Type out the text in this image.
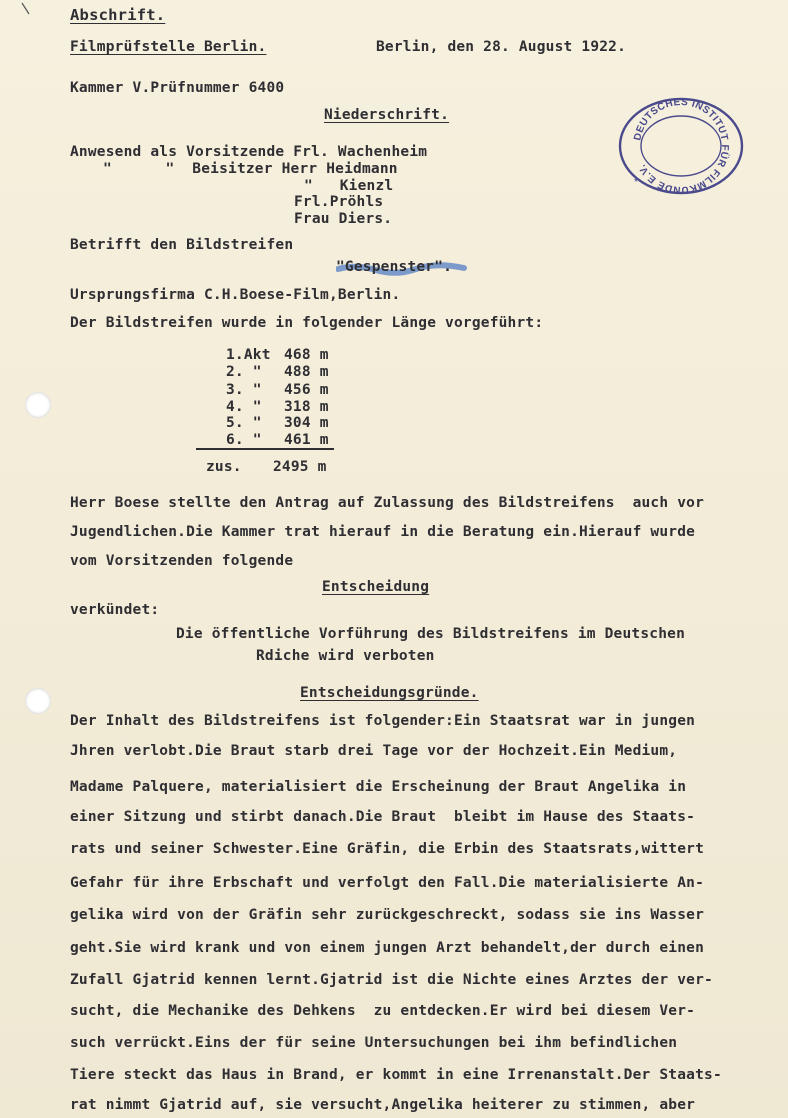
Abschrift.
Filmprüfstelle Berlin.	Berlin, den 28. August 1922.
Kammer V.Prüfnummer 6400
Niederschrift.
DEUTSCHES INSTITUT FÜR FILMKUNDE E.V.
*
Anwesend als Vorsitzende Frl. Wachenheim
"      "  Beisitzer Herr Heidmann
"   Kienzl
Frl.Pröhls
Frau Diers.
Betrifft den Bildstreifen
"Gespenster".
Ursprungsfirma C.H.Boese-Film,Berlin.
Der Bildstreifen wurde in folgender Länge vorgeführt:
1.Akt 468 m
2. " 488 m
3. " 456 m
4. " 318 m
5. " 304 m
6. " 461 m
zus. 2495 m
Herr Boese stellte den Antrag auf Zulassung des Bildstreifens  auch vor
Jugendlichen.Die Kammer trat hierauf in die Beratung ein.Hierauf wurde
vom Vorsitzenden folgende
Entscheidung
verkündet:
Die öffentliche Vorführung des Bildstreifens im Deutschen
Rdiche wird verboten
Entscheidungsgründe.
Der Inhalt des Bildstreifens ist folgender:Ein Staatsrat war in jungen
Jhren verlobt.Die Braut starb drei Tage vor der Hochzeit.Ein Medium,
Madame Palquere, materialisiert die Erscheinung der Braut Angelika in
einer Sitzung und stirbt danach.Die Braut  bleibt im Hause des Staats-
rats und seiner Schwester.Eine Gräfin, die Erbin des Staatsrats,wittert
Gefahr für ihre Erbschaft und verfolgt den Fall.Die materialisierte An-
gelika wird von der Gräfin sehr zurückgeschreckt, sodass sie ins Wasser
geht.Sie wird krank und von einem jungen Arzt behandelt,der durch einen
Zufall Gjatrid kennen lernt.Gjatrid ist die Nichte eines Arztes der ver-
sucht, die Mechanike des Dehkens  zu entdecken.Er wird bei diesem Ver-
such verrückt.Eins der für seine Untersuchungen bei ihm befindlichen
Tiere steckt das Haus in Brand, er kommt in eine Irrenanstalt.Der Staats-
rat nimmt Gjatrid auf, sie versucht,Angelika heiterer zu stimmen, aber
